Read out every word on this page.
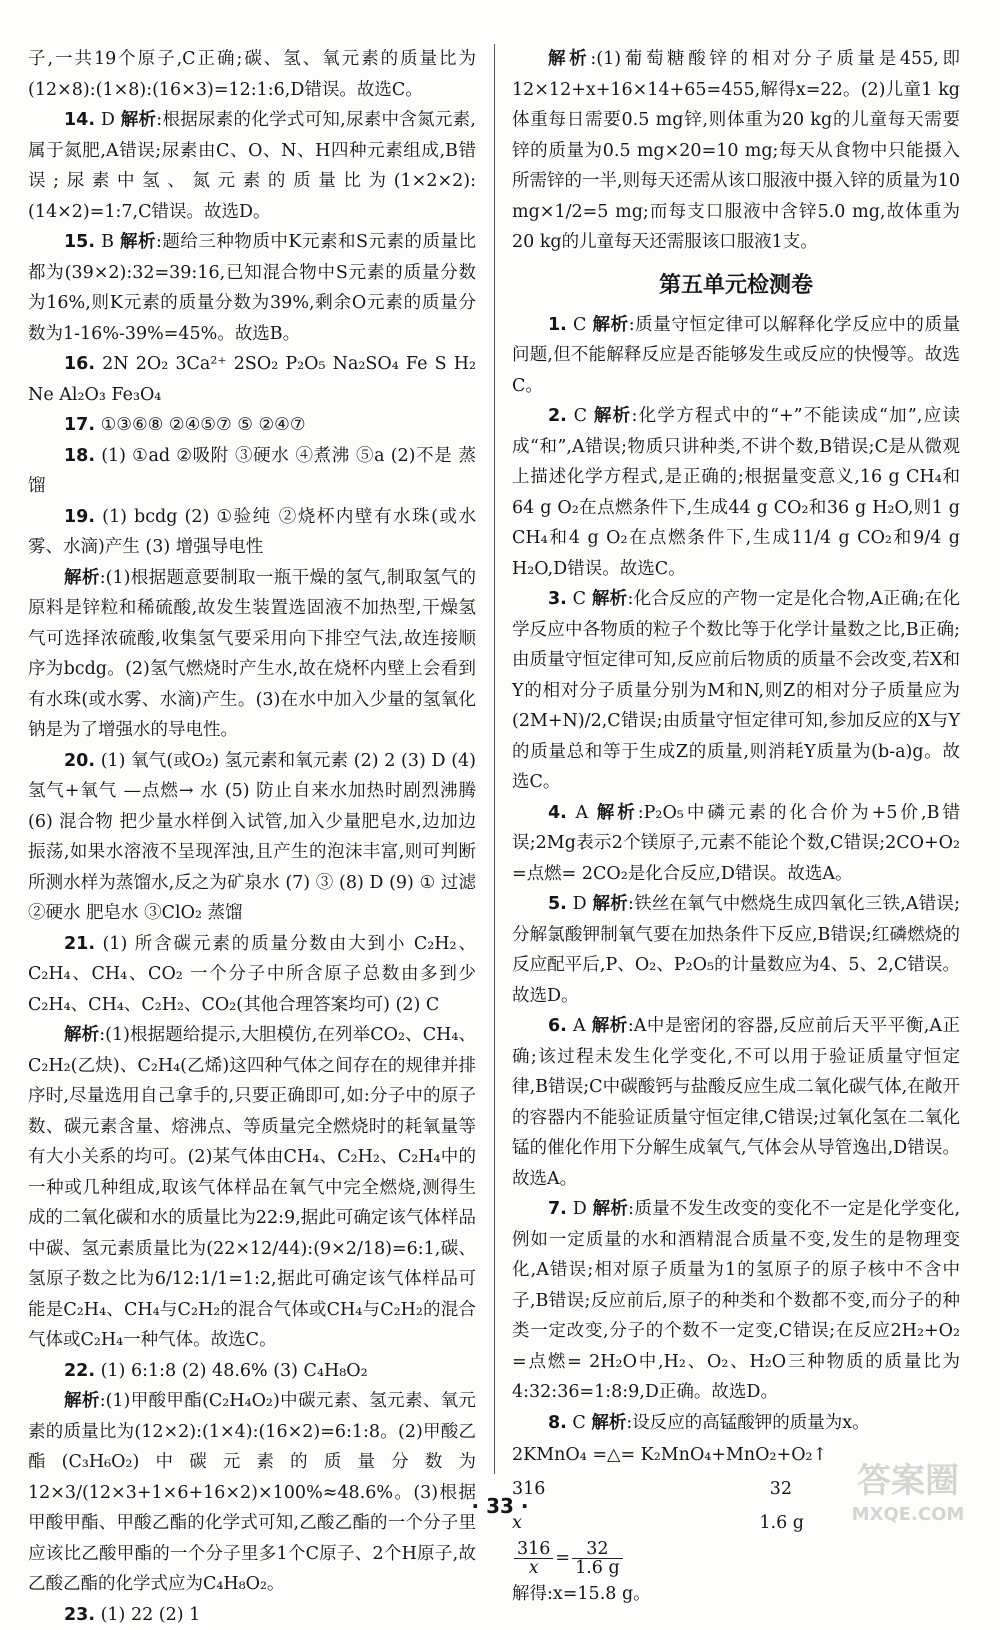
子,一共19个原子,C正确;碳、氢、氧元素的质量比为(12×8):(1×8):(16×3)=12:1:6,D错误。故选C。

14. D 解析:根据尿素的化学式可知,尿素中含氮元素,属于氮肥,A错误;尿素由C、O、N、H四种元素组成,B错误;尿素中氢、氮元素的质量比为(1×2×2):(14×2)=1:7,C错误。故选D。

15. B 解析:题给三种物质中K元素和S元素的质量比都为(39×2):32=39:16,已知混合物中S元素的质量分数为16%,则K元素的质量分数为39%,剩余O元素的质量分数为1-16%-39%=45%。故选B。

16. 2N 2O₂ 3Ca²⁺ 2SO₂ P₂O₅ Na₂SO₄ Fe S H₂ Ne Al₂O₃ Fe₃O₄

17. ①③⑥⑧ ②④⑤⑦ ⑤ ②④⑦

18. (1) ①ad ②吸附 ③硬水 ④煮沸 ⑤a (2)不是 蒸馏

19. (1) bcdg (2) ①验纯 ②烧杯内壁有水珠(或水雾、水滴)产生 (3) 增强导电性

解析:(1)根据题意要制取一瓶干燥的氢气,制取氢气的原料是锌粒和稀硫酸,故发生装置选固液不加热型,干燥氢气可选择浓硫酸,收集氢气要采用向下排空气法,故连接顺序为bcdg。(2)氢气燃烧时产生水,故在烧杯内壁上会看到有水珠(或水雾、水滴)产生。(3)在水中加入少量的氢氧化钠是为了增强水的导电性。

20. (1) 氧气(或O₂) 氢元素和氧元素 (2) 2 (3) D (4) 氢气+氧气 —点燃→ 水 (5) 防止自来水加热时剧烈沸腾 (6) 混合物 把少量水样倒入试管,加入少量肥皂水,边加边振荡,如果水溶液不呈现浑浊,且产生的泡沫丰富,则可判断所测水样为蒸馏水,反之为矿泉水 (7) ③ (8) D (9) ① 过滤 ②硬水 肥皂水 ③ClO₂ 蒸馏

21. (1) 所含碳元素的质量分数由大到小 C₂H₂、C₂H₄、CH₄、CO₂ 一个分子中所含原子总数由多到少 C₂H₄、CH₄、C₂H₂、CO₂(其他合理答案均可) (2) C

解析:(1)根据题给提示,大胆模仿,在列举CO₂、CH₄、C₂H₂(乙炔)、C₂H₄(乙烯)这四种气体之间存在的规律并排序时,尽量选用自己拿手的,只要正确即可,如:分子中的原子数、碳元素含量、熔沸点、等质量完全燃烧时的耗氧量等有大小关系的均可。(2)某气体由CH₄、C₂H₂、C₂H₄中的一种或几种组成,取该气体样品在氧气中完全燃烧,测得生成的二氧化碳和水的质量比为22:9,据此可确定该气体样品中碳、氢元素质量比为(22×12/44):(9×2/18)=6:1,碳、氢原子数之比为6/12:1/1=1:2,据此可确定该气体样品可能是C₂H₄、CH₄与C₂H₂的混合气体或CH₄与C₂H₂的混合气体或C₂H₄一种气体。故选C。

22. (1) 6:1:8 (2) 48.6% (3) C₄H₈O₂

解析:(1)甲酸甲酯(C₂H₄O₂)中碳元素、氢元素、氧元素的质量比为(12×2):(1×4):(16×2)=6:1:8。(2)甲酸乙酯(C₃H₆O₂)中碳元素的质量分数为 12×3/(12×3+1×6+16×2)×100%≈48.6%。(3)根据甲酸甲酯、甲酸乙酯的化学式可知,乙酸乙酯的一个分子里应该比乙酸甲酯的一个分子里多1个C原子、2个H原子,故乙酸乙酯的化学式应为C₄H₈O₂。

23. (1) 22 (2) 1

解析:(1)葡萄糖酸锌的相对分子质量是455,即12×12+x+16×14+65=455,解得x=22。(2)儿童1 kg体重每日需要0.5 mg锌,则体重为20 kg的儿童每天需要锌的质量为0.5 mg×20=10 mg;每天从食物中只能摄入所需锌的一半,则每天还需从该口服液中摄入锌的质量为10 mg×1/2=5 mg;而每支口服液中含锌5.0 mg,故体重为20 kg的儿童每天还需服该口服液1支。

第五单元检测卷

1. C 解析:质量守恒定律可以解释化学反应中的质量问题,但不能解释反应是否能够发生或反应的快慢等。故选C。

2. C 解析:化学方程式中的“+”不能读成“加”,应读成“和”,A错误;物质只讲种类,不讲个数,B错误;C是从微观上描述化学方程式,是正确的;根据量变意义,16 g CH₄和64 g O₂在点燃条件下,生成44 g CO₂和36 g H₂O,则1 g CH₄和4 g O₂在点燃条件下,生成11/4 g CO₂和9/4 g H₂O,D错误。故选C。

3. C 解析:化合反应的产物一定是化合物,A正确;在化学反应中各物质的粒子个数比等于化学计量数之比,B正确;由质量守恒定律可知,反应前后物质的质量不会改变,若X和Y的相对分子质量分别为M和N,则Z的相对分子质量应为(2M+N)/2,C错误;由质量守恒定律可知,参加反应的X与Y的质量总和等于生成Z的质量,则消耗Y质量为(b-a)g。故选C。

4. A 解析:P₂O₅中磷元素的化合价为+5价,B错误;2Mg表示2个镁原子,元素不能论个数,C错误;2CO+O₂ =点燃= 2CO₂是化合反应,D错误。故选A。

5. D 解析:铁丝在氧气中燃烧生成四氧化三铁,A错误;分解氯酸钾制氧气要在加热条件下反应,B错误;红磷燃烧的反应配平后,P、O₂、P₂O₅的计量数应为4、5、2,C错误。故选D。

6. A 解析:A中是密闭的容器,反应前后天平平衡,A正确;该过程未发生化学变化,不可以用于验证质量守恒定律,B错误;C中碳酸钙与盐酸反应生成二氧化碳气体,在敞开的容器内不能验证质量守恒定律,C错误;过氧化氢在二氧化锰的催化作用下分解生成氧气,气体会从导管逸出,D错误。故选A。

7. D 解析:质量不发生改变的变化不一定是化学变化,例如一定质量的水和酒精混合质量不变,发生的是物理变化,A错误;相对原子质量为1的氢原子的原子核中不含中子,B错误;反应前后,原子的种类和个数都不变,而分子的种类一定改变,分子的个数不一定变,C错误;在反应2H₂+O₂ =点燃= 2H₂O中,H₂、O₂、H₂O三种物质的质量比为4:32:36=1:8:9,D正确。故选D。

8. C 解析:设反应的高锰酸钾的质量为x。

2KMnO₄ =△= K₂MnO₄+MnO₂+O₂↑
316	32
x	1.6 g
$\frac{316}{x} = \frac{32}{1.6 g}$
解得:x=15.8 g。
· 33 ·
答案圈
MXQE.COM
